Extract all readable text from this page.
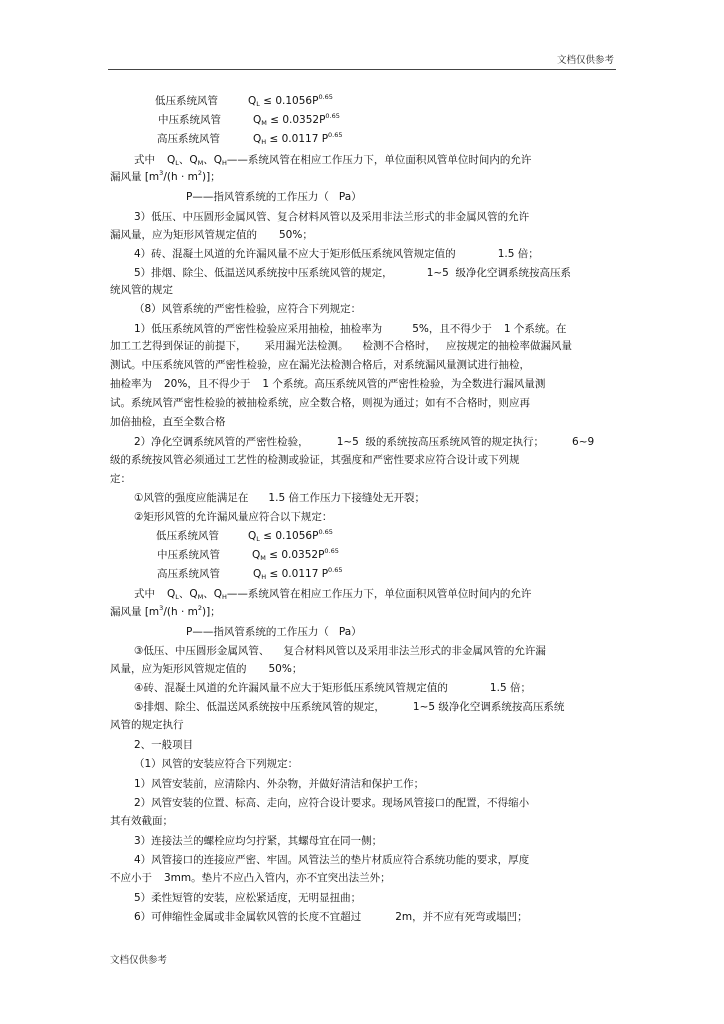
文档仅供参考
低压系统风管	$Q_L \le 0.1056P^{0.65}$
中压系统风管	$Q_M \le 0.0352P^{0.65}$
高压系统风管	$Q_H \le 0.0117$ $P^{0.65}$
式中 $Q_L$、$Q_M$、$Q_H——$系统风管在相应工作压力下，单位面积风管单位时间内的允许
漏风量 $[m^3/(h \cdot m^2)]$；
P——指风管系统的工作压力（ Pa）
3）低压、中压圆形金属风管、复合材料风管以及采用非法兰形式的非金属风管的允许
漏风量，应为矩形风管规定值的 50%；
4）砖、混凝土风道的允许漏风量不应大于矩形低压系统风管规定值的	1.5 倍；
5）排烟、除尘、低温送风系统按中压系统风管的规定，	1~5  级净化空调系统按高压系
统风管的规定
（8）风管系统的严密性检验，应符合下列规定：
1）低压系统风管的严密性检验应采用抽检，抽检率为	5%，且不得少于 1 个系统。在
加工工艺得到保证的前提下， 采用漏光法检测。 检测不合格时， 应按规定的抽检率做漏风量
测试。中压系统风管的严密性检验，应在漏光法检测合格后，对系统漏风量测试进行抽检，
抽检率为 20%，且不得少于 1 个系统。高压系统风管的严密性检验，为全数进行漏风量测
试。系统风管严密性检验的被抽检系统，应全数合格，则视为通过；如有不合格时，则应再
加倍抽检，直至全数合格
2）净化空调系统风管的严密性检验，	1~5  级的系统按高压系统风管的规定执行；	6~9
级的系统按风管必须通过工艺性的检测或验证，其强度和严密性要求应符合设计或下列规
定：
①风管的强度应能满足在 1.5 倍工作压力下接缝处无开裂；
②矩形风管的允许漏风量应符合以下规定：
低压系统风管	$Q_L \le 0.1056P^{0.65}$
中压系统风管	$Q_M \le 0.0352P^{0.65}$
高压系统风管	$Q_H \le 0.0117$ $P^{0.65}$
式中 $Q_L$、$Q_M$、$Q_H——$系统风管在相应工作压力下，单位面积风管单位时间内的允许
漏风量 $[m^3/(h \cdot m^2)]$；
P——指风管系统的工作压力（ Pa）
③低压、中压圆形金属风管、 复合材料风管以及采用非法兰形式的非金属风管的允许漏
风量，应为矩形风管规定值的 50%；
④砖、混凝土风道的允许漏风量不应大于矩形低压系统风管规定值的	1.5 倍；
⑤排烟、除尘、低温送风系统按中压系统风管的规定，	1~5 级净化空调系统按高压系统
风管的规定执行
2、一般项目
（1）风管的安装应符合下列规定：
1）风管安装前，应清除内、外杂物，并做好清洁和保护工作；
2）风管安装的位置、标高、走向，应符合设计要求。现场风管接口的配置，不得缩小
其有效截面；
3）连接法兰的螺栓应均匀拧紧，其螺母宜在同一侧；
4）风管接口的连接应严密、牢固。风管法兰的垫片材质应符合系统功能的要求，厚度
不应小于 3mm。垫片不应凸入管内，亦不宜突出法兰外；
5）柔性短管的安装，应松紧适度，无明显扭曲；
6）可伸缩性金属或非金属软风管的长度不宜超过	2m，并不应有死弯或塌凹；
文档仅供参考
